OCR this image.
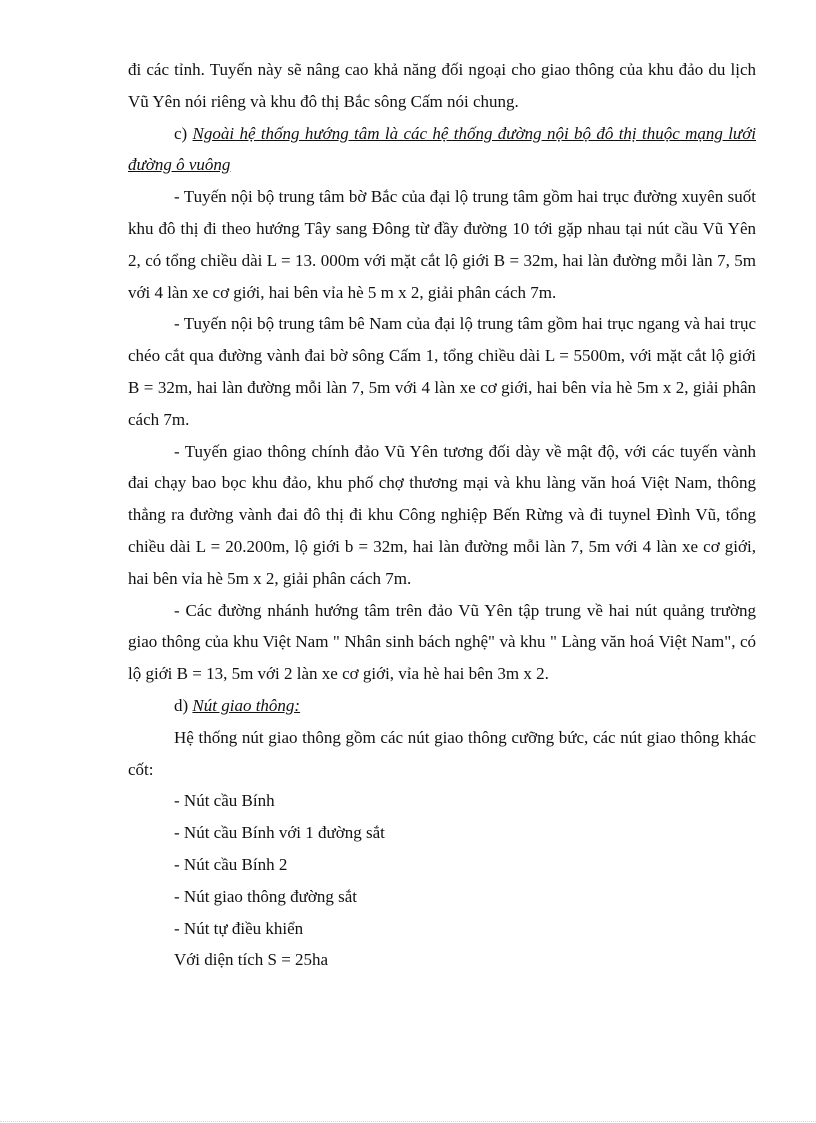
đi các tỉnh. Tuyến này sẽ nâng cao khả năng đối ngoại cho giao thông của khu đảo du lịch Vũ Yên nói riêng và khu đô thị Bắc sông Cấm nói chung.

c) Ngoài hệ thống hướng tâm là các hệ thống đường nội bộ đô thị thuộc mạng lưới đường ô vuông

- Tuyến nội bộ trung tâm bờ Bắc của đại lộ trung tâm gồm hai trục đường xuyên suốt khu đô thị đi theo hướng Tây sang Đông từ đầy đường 10 tới gặp nhau tại nút cầu Vũ Yên 2, có tổng chiều dài L = 13. 000m với mặt cắt lộ giới B = 32m, hai làn đường mỗi làn 7, 5m với 4 làn xe cơ giới, hai bên vỉa hè 5 m x 2, giải phân cách 7m.

- Tuyến nội bộ trung tâm bê Nam của đại lộ trung tâm gồm hai trục ngang và hai trục chéo cắt qua đường vành đai bờ sông Cấm 1, tổng chiều dài L = 5500m, với mặt cắt lộ giới B = 32m, hai làn đường mỗi làn 7, 5m với 4 làn xe cơ giới, hai bên vỉa hè 5m x 2, giải phân cách 7m.

- Tuyến giao thông chính đảo Vũ Yên tương đối dày về mật độ, với các tuyến vành đai chạy bao bọc khu đảo, khu phố chợ thương mại và khu làng văn hoá Việt Nam, thông thẳng ra đường vành đai đô thị đi khu Công nghiệp Bến Rừng và đi tuynel Đình Vũ, tổng chiều dài L = 20.200m, lộ giới b = 32m, hai làn đường mỗi làn 7, 5m với 4 làn xe cơ giới, hai bên vỉa hè 5m x 2, giải phân cách 7m.

- Các đường nhánh hướng tâm trên đảo Vũ Yên tập trung về hai nút quảng trường giao thông của khu Việt Nam " Nhân sinh bách nghệ" và khu " Làng văn hoá Việt Nam", có lộ giới B = 13, 5m với 2 làn xe cơ giới, vỉa hè hai bên 3m x 2.

d) Nút giao thông:

Hệ thống nút giao thông gồm các nút giao thông cưỡng bức, các nút giao thông khác cốt:

- Nút cầu Bính

- Nút cầu Bính với 1 đường sắt

- Nút cầu Bính 2

- Nút giao thông đường sắt

- Nút tự điều khiển

Với diện tích S = 25ha
